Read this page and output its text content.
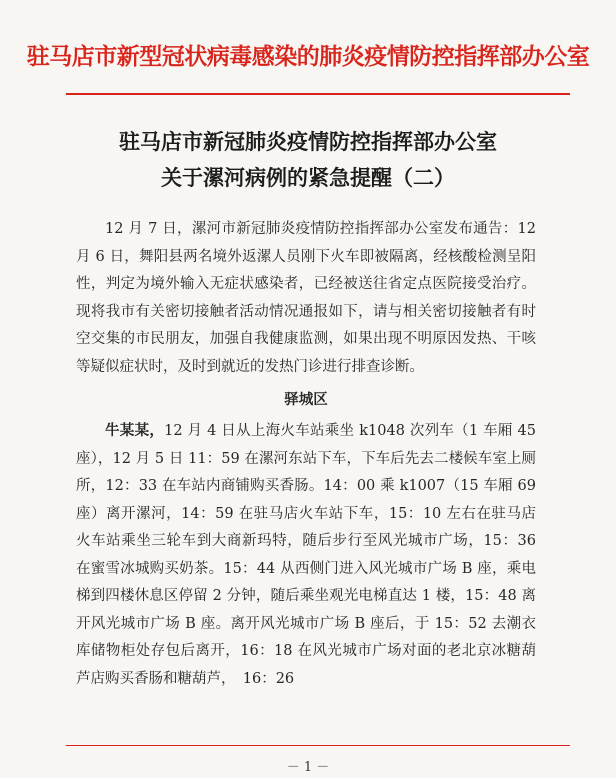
驻马店市新型冠状病毒感染的肺炎疫情防控指挥部办公室
驻马店市新冠肺炎疫情防控指挥部办公室
关于漯河病例的紧急提醒（二）

12 月 7 日，漯河市新冠肺炎疫情防控指挥部办公室发布通告：12 月 6 日，舞阳县两名境外返漯人员刚下火车即被隔离，经核酸检测呈阳性，判定为境外输入无症状感染者，已经被送往省定点医院接受治疗。现将我市有关密切接触者活动情况通报如下，请与相关密切接触者有时空交集的市民朋友，加强自我健康监测，如果出现不明原因发热、干咳等疑似症状时，及时到就近的发热门诊进行排查诊断。

驿城区

牛某某，12 月 4 日从上海火车站乘坐 k1048 次列车（1 车厢 45 座），12 月 5 日 11：59 在漯河东站下车，下车后先去二楼候车室上厕所，12：33 在车站内商铺购买香肠。14：00 乘 k1007（15 车厢 69 座）离开漯河，14：59 在驻马店火车站下车，15：10 左右在驻马店火车站乘坐三轮车到大商新玛特，随后步行至风光城市广场，15：36 在蜜雪冰城购买奶茶。15：44 从西侧门进入风光城市广场 B 座，乘电梯到四楼休息区停留 2 分钟，随后乘坐观光电梯直达 1 楼，15：48 离开风光城市广场 B 座。离开风光城市广场 B 座后，于 15：52 去潮衣库储物柜处存包后离开，16：18 在风光城市广场对面的老北京冰糖葫芦店购买香肠和糖葫芦，　16：26

－ 1 －
